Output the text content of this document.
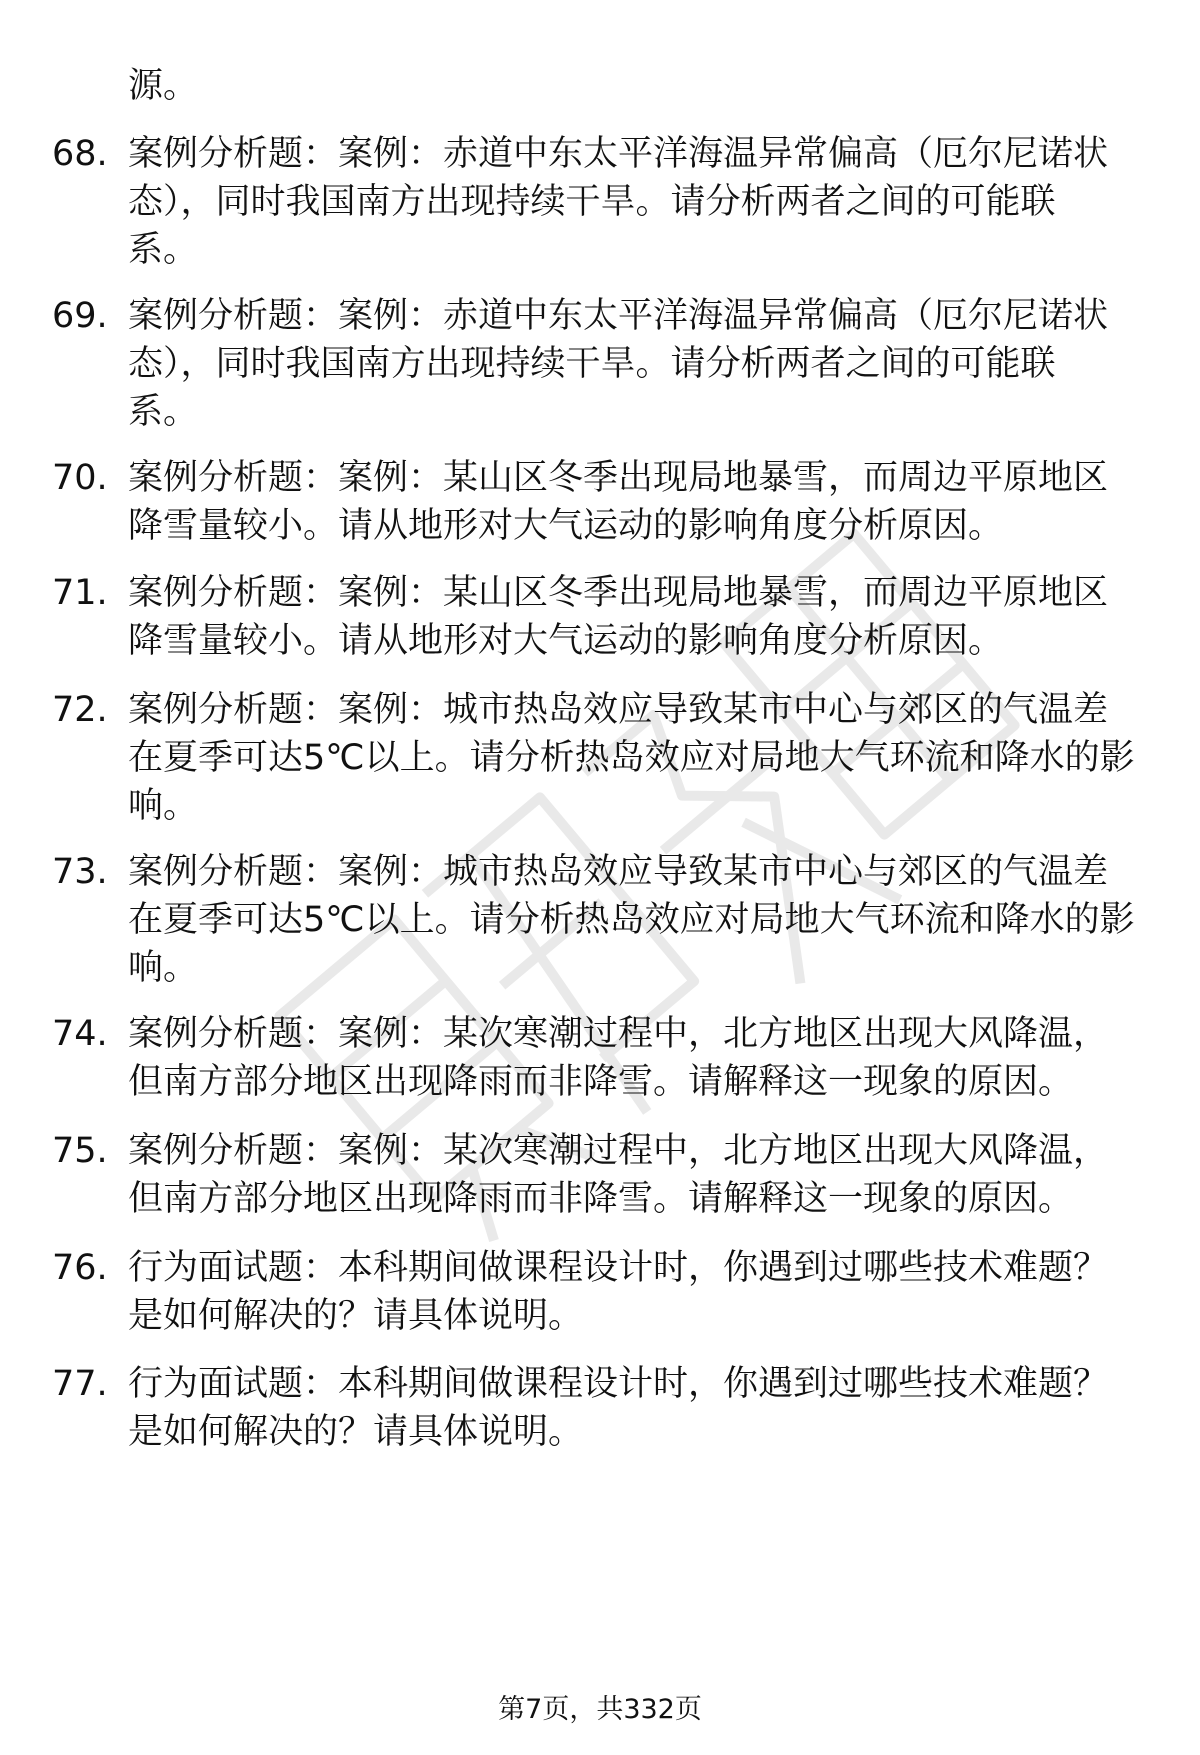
源。

68. 案例分析题：案例：赤道中东太平洋海温异常偏高（厄尔尼诺状
态），同时我国南方出现持续干旱。请分析两者之间的可能联
系。
69. 案例分析题：案例：赤道中东太平洋海温异常偏高（厄尔尼诺状
态），同时我国南方出现持续干旱。请分析两者之间的可能联
系。
70. 案例分析题：案例：某山区冬季出现局地暴雪，而周边平原地区
降雪量较小。请从地形对大气运动的影响角度分析原因。
71. 案例分析题：案例：某山区冬季出现局地暴雪，而周边平原地区
降雪量较小。请从地形对大气运动的影响角度分析原因。
72. 案例分析题：案例：城市热岛效应导致某市中心与郊区的气温差
在夏季可达5℃以上。请分析热岛效应对局地大气环流和降水的影
响。
73. 案例分析题：案例：城市热岛效应导致某市中心与郊区的气温差
在夏季可达5℃以上。请分析热岛效应对局地大气环流和降水的影
响。
74. 案例分析题：案例：某次寒潮过程中，北方地区出现大风降温，
但南方部分地区出现降雨而非降雪。请解释这一现象的原因。
75. 案例分析题：案例：某次寒潮过程中，北方地区出现大风降温，
但南方部分地区出现降雨而非降雪。请解释这一现象的原因。
76. 行为面试题：本科期间做课程设计时，你遇到过哪些技术难题？
是如何解决的？请具体说明。
77. 行为面试题：本科期间做课程设计时，你遇到过哪些技术难题？
是如何解决的？请具体说明。
第7页，共332页
